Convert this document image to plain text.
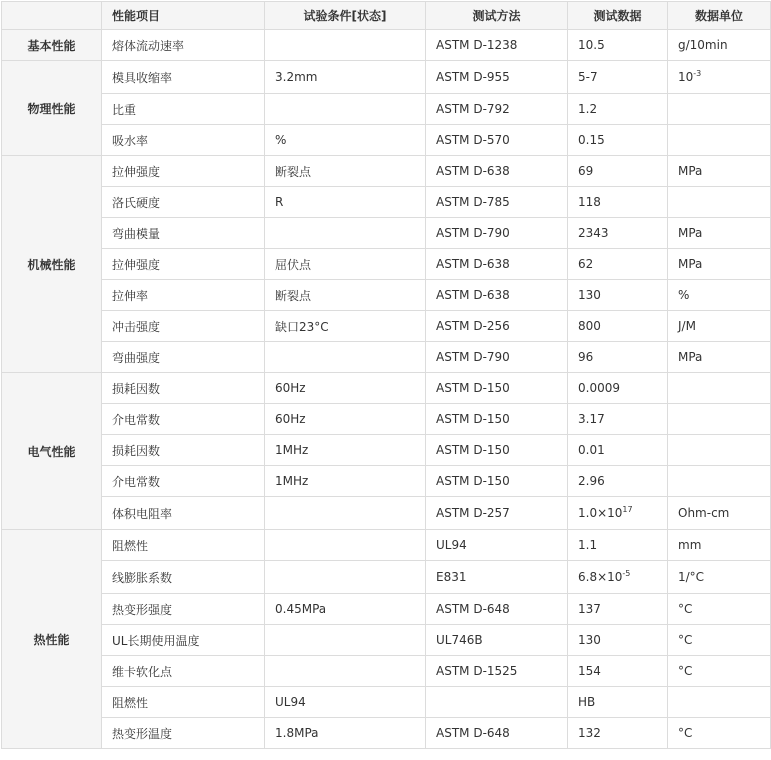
	性能项目	试验条件[状态]	测试方法	测试数据	数据单位
基本性能	熔体流动速率		ASTM D-1238	10.5	g/10min
物理性能	模具收缩率	3.2mm	ASTM D-955	5-7	$10^{-3}$
	比重		ASTM D-792	1.2	
	吸水率	%	ASTM D-570	0.15	
机械性能	拉伸强度	断裂点	ASTM D-638	69	MPa
	洛氏硬度	R	ASTM D-785	118	
	弯曲模量		ASTM D-790	2343	MPa
	拉伸强度	屈伏点	ASTM D-638	62	MPa
	拉伸率	断裂点	ASTM D-638	130	%
	冲击强度	缺口23°C	ASTM D-256	800	J/M
	弯曲强度		ASTM D-790	96	MPa
电气性能	损耗因数	60Hz	ASTM D-150	0.0009	
	介电常数	60Hz	ASTM D-150	3.17	
	损耗因数	1MHz	ASTM D-150	0.01	
	介电常数	1MHz	ASTM D-150	2.96	
	体积电阻率		ASTM D-257	$1.0\times 10^{17}$	Ohm-cm
热性能	阻燃性		UL94	1.1	mm
	线膨胀系数		E831	$6.8\times 10^{-5}$	1/°C
	热变形强度	0.45MPa	ASTM D-648	137	°C
	UL长期使用温度		UL746B	130	°C
	维卡软化点		ASTM D-1525	154	°C
	阻燃性	UL94		HB	
	热变形温度	1.8MPa	ASTM D-648	132	°C
